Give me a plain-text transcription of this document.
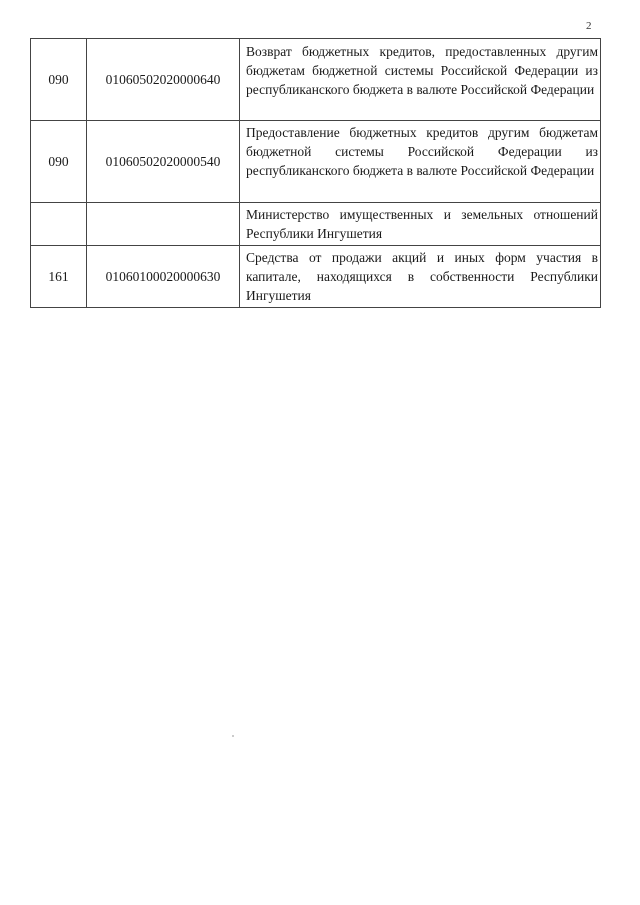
2
090	01060502020000640	Возврат бюджетных кредитов, предоставленных другим бюджетам бюджетной системы Российской Федерации из республиканского бюджета в валюте Российской Федерации
090	01060502020000540	Предоставление бюджетных кредитов другим бюджетам бюджетной системы Российской Федерации из республиканского бюджета в валюте Российской Федерации
		Министерство имущественных и земельных отношений Республики Ингушетия
161	01060100020000630	Средства от продажи акций и иных форм участия в капитале, находящихся в собственности Республики Ингушетия
